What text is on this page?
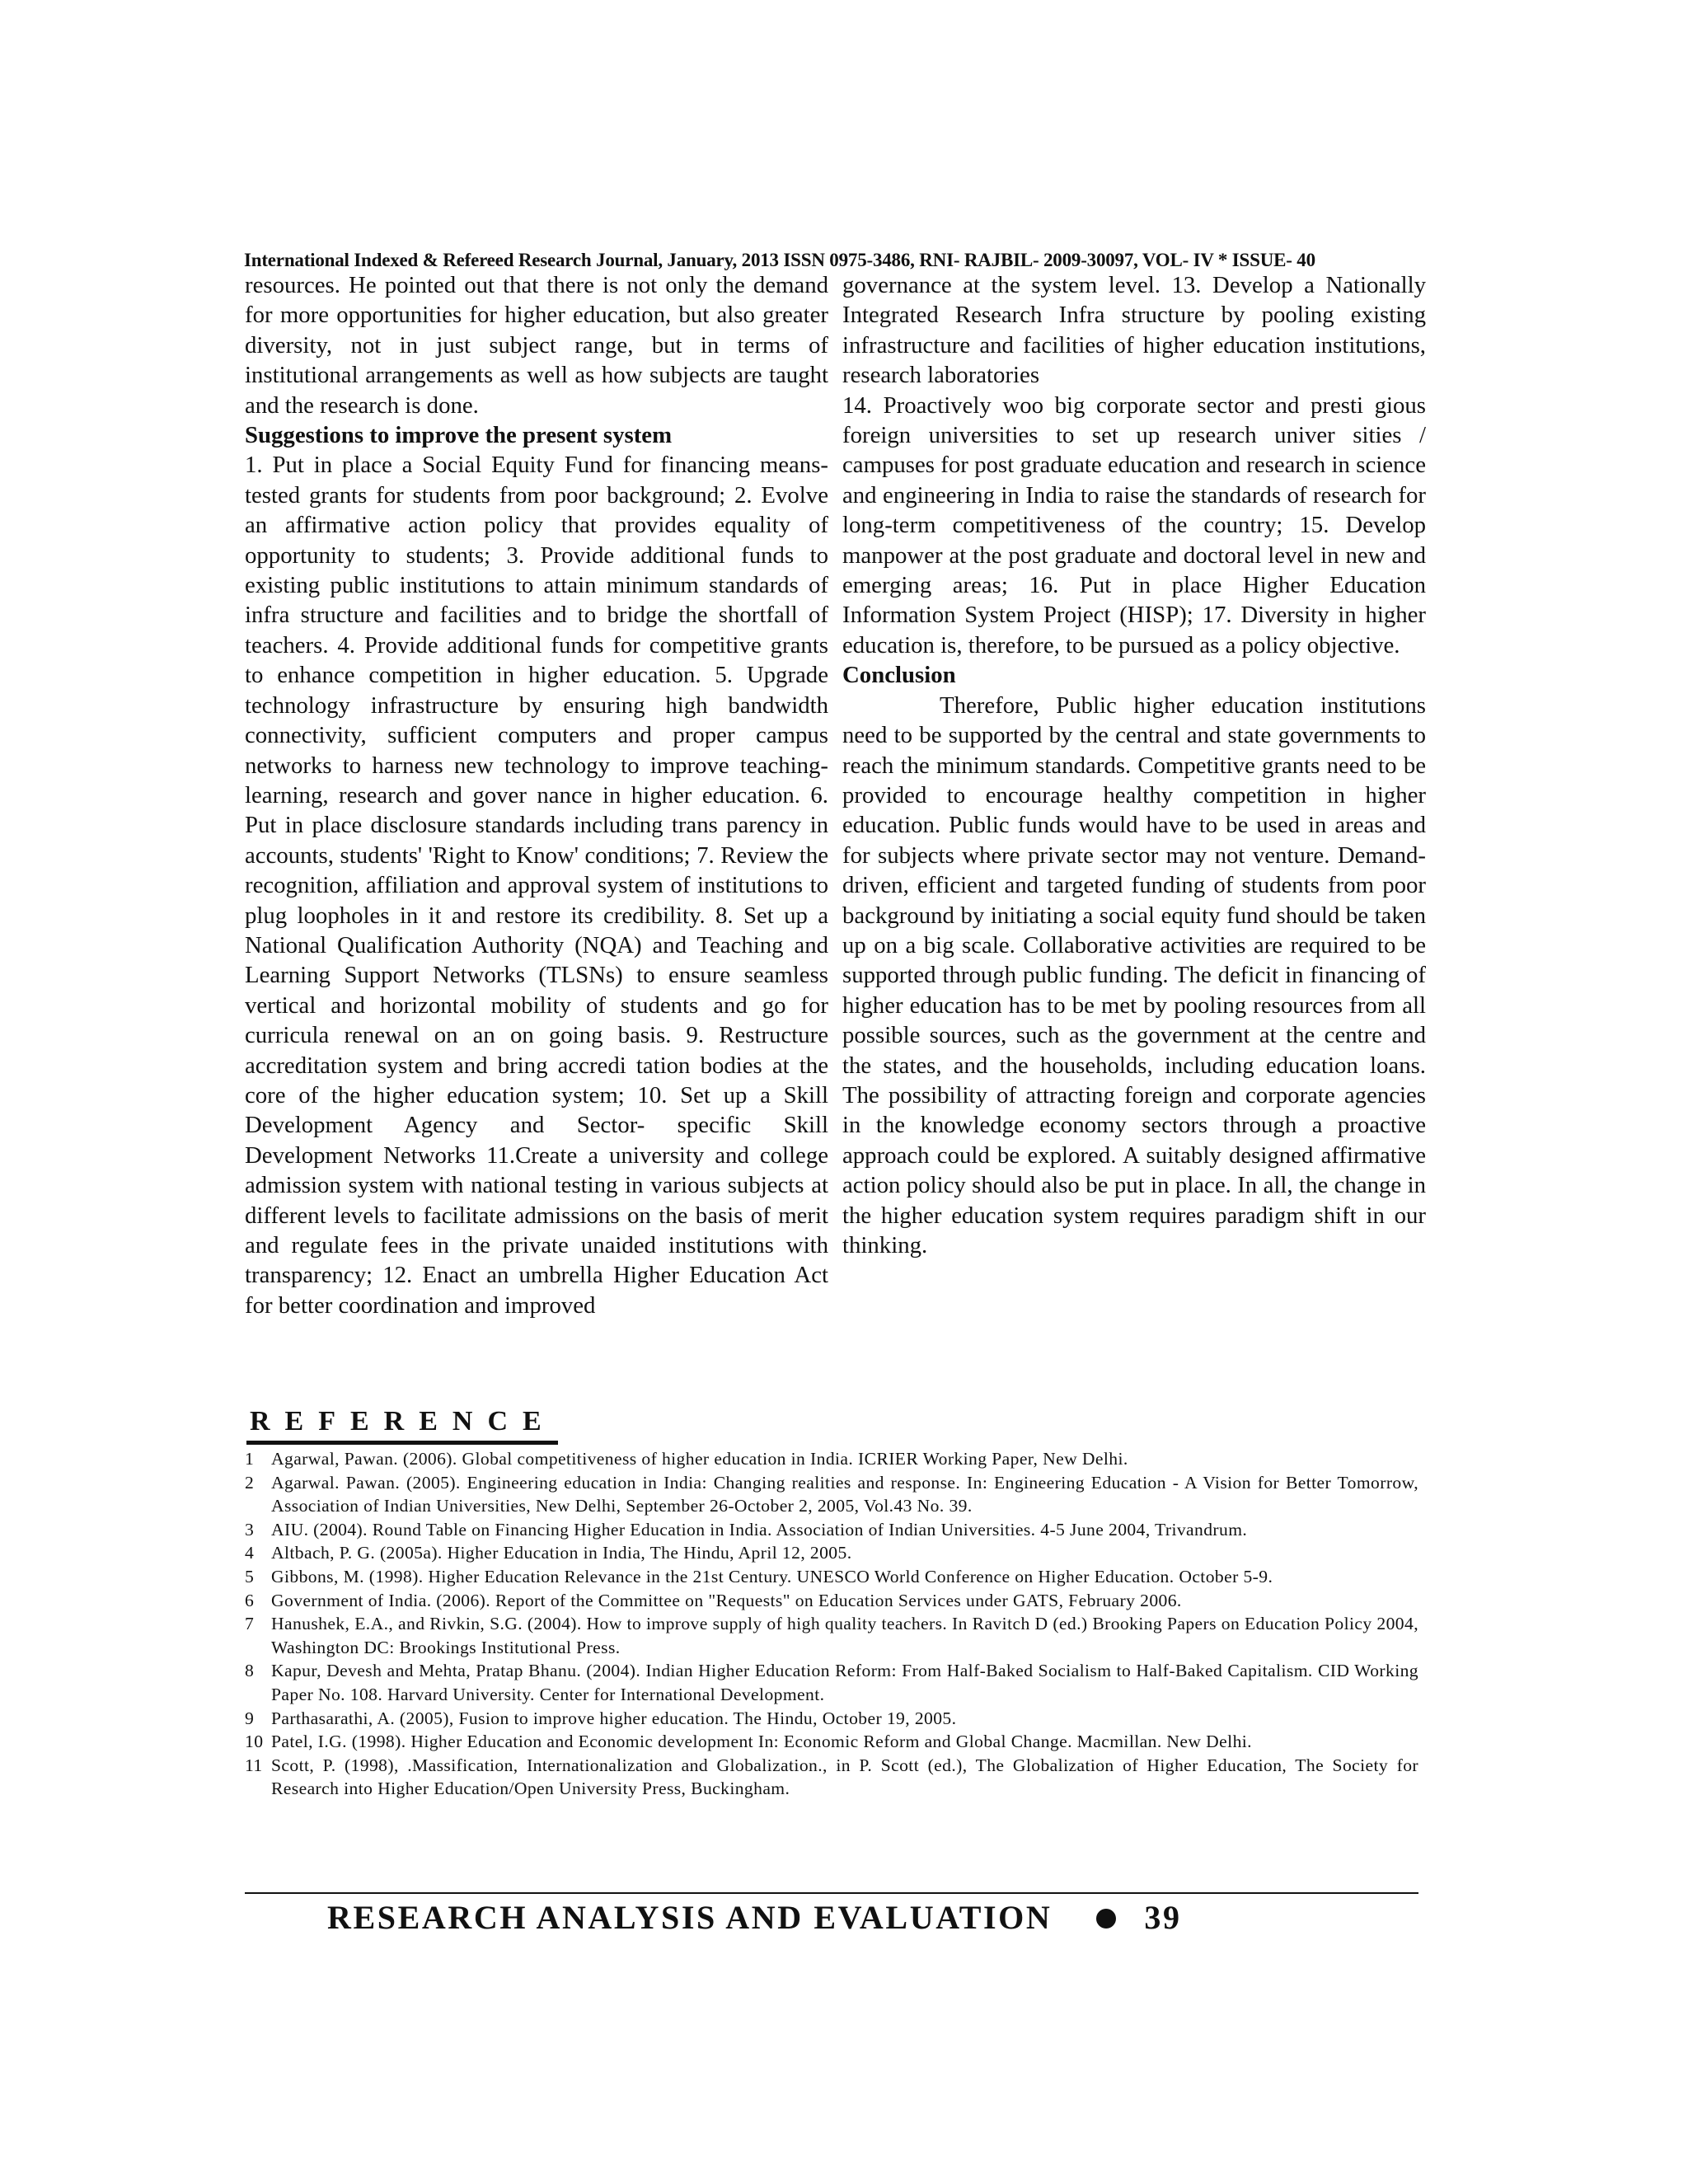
International Indexed & Refereed Research Journal, January, 2013 ISSN 0975-3486, RNI- RAJBIL- 2009-30097, VOL- IV * ISSUE- 40

resources. He pointed out that there is not only the demand for more opportunities for higher education, but also greater diversity, not in just subject range, but in terms of institutional arrangements as well as how subjects are taught and the research is done.

Suggestions to improve the present system

1. Put in place a Social Equity Fund for financing means-tested grants for students from poor background; 2. Evolve an affirmative action policy that provides equality of opportunity to students; 3. Provide additional funds to existing public institutions to attain minimum standards of infra structure and facilities and to bridge the shortfall of teachers. 4. Provide additional funds for competitive grants to enhance competition in higher education. 5. Upgrade technology infrastructure by ensuring high bandwidth connectivity, sufficient computers and proper campus networks to harness new technology to improve teaching-learning, research and gover nance in higher education. 6. Put in place disclosure standards including trans parency in accounts, students' 'Right to Know' conditions; 7. Review the recognition, affiliation and approval system of institutions to plug loopholes in it and restore its credibility. 8. Set up a National Qualification Authority (NQA) and Teaching and Learning Support Networks (TLSNs) to ensure seamless vertical and horizontal mobility of students and go for curricula renewal on an on going basis. 9. Restructure accreditation system and bring accredi tation bodies at the core of the higher education system; 10. Set up a Skill Development Agency and Sector- specific Skill Development Networks 11.Create a university and college admission system with national testing in various subjects at different levels to facilitate admissions on the basis of merit and regulate fees in the private unaided institutions with transparency; 12. Enact an umbrella Higher Education Act for better coordination and improved

governance at the system level. 13. Develop a Nationally Integrated Research Infra structure by pooling existing infrastructure and facilities of higher education institutions, research laboratories

14. Proactively woo big corporate sector and presti gious foreign universities to set up research univer sities / campuses for post graduate education and research in science and engineering in India to raise the standards of research for long-term competitiveness of the country; 15. Develop manpower at the post graduate and doctoral level in new and emerging areas; 16. Put in place Higher Education Information System Project (HISP); 17. Diversity in higher education is, therefore, to be pursued as a policy objective.

Conclusion

Therefore, Public higher education institutions need to be supported by the central and state governments to reach the minimum standards. Competitive grants need to be provided to encourage healthy competition in higher education. Public funds would have to be used in areas and for subjects where private sector may not venture. Demand-driven, efficient and targeted funding of students from poor background by initiating a social equity fund should be taken up on a big scale. Collaborative activities are required to be supported through public funding. The deficit in financing of higher education has to be met by pooling resources from all possible sources, such as the government at the centre and the states, and the households, including education loans. The possibility of attracting foreign and corporate agencies in the knowledge economy sectors through a proactive approach could be explored. A suitably designed affirmative action policy should also be put in place. In all, the change in the higher education system requires paradigm shift in our thinking.

REFERENCE
1 Agarwal, Pawan. (2006). Global competitiveness of higher education in India. ICRIER Working Paper, New Delhi.
2 Agarwal. Pawan. (2005). Engineering education in India: Changing realities and response. In: Engineering Education - A Vision for Better Tomorrow, Association of Indian Universities, New Delhi, September 26-October 2, 2005, Vol.43 No. 39.
3 AIU. (2004). Round Table on Financing Higher Education in India. Association of Indian Universities. 4-5 June 2004, Trivandrum.
4 Altbach, P. G. (2005a). Higher Education in India, The Hindu, April 12, 2005.
5 Gibbons, M. (1998). Higher Education Relevance in the 21st Century. UNESCO World Conference on Higher Education. October 5-9.
6 Government of India. (2006). Report of the Committee on "Requests" on Education Services under GATS, February 2006.
7 Hanushek, E.A., and Rivkin, S.G. (2004). How to improve supply of high quality teachers. In Ravitch D (ed.) Brooking Papers on Education Policy 2004, Washington DC: Brookings Institutional Press.
8 Kapur, Devesh and Mehta, Pratap Bhanu. (2004). Indian Higher Education Reform: From Half-Baked Socialism to Half-Baked Capitalism. CID Working Paper No. 108. Harvard University. Center for International Development.
9 Parthasarathi, A. (2005), Fusion to improve higher education. The Hindu, October 19, 2005.
10 Patel, I.G. (1998). Higher Education and Economic development In: Economic Reform and Global Change. Macmillan. New Delhi.
11 Scott, P. (1998), .Massification, Internationalization and Globalization., in P. Scott (ed.), The Globalization of Higher Education, The Society for Research into Higher Education/Open University Press, Buckingham.
RESEARCH ANALYSIS AND EVALUATION	39
